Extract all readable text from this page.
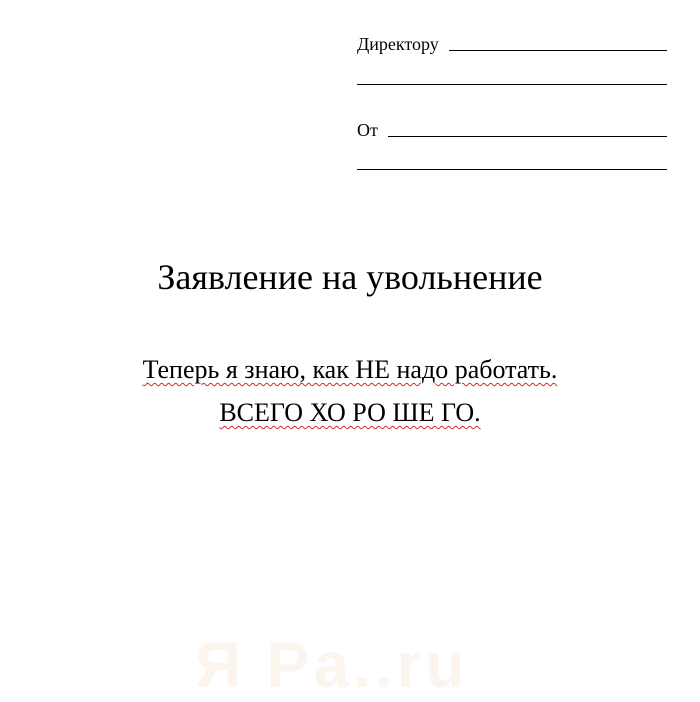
Директору
От
Заявление на увольнение
Теперь я знаю, как НЕ надо работать.
ВСЕГО ХО РО ШЕ ГО.
Я Pa..ru
